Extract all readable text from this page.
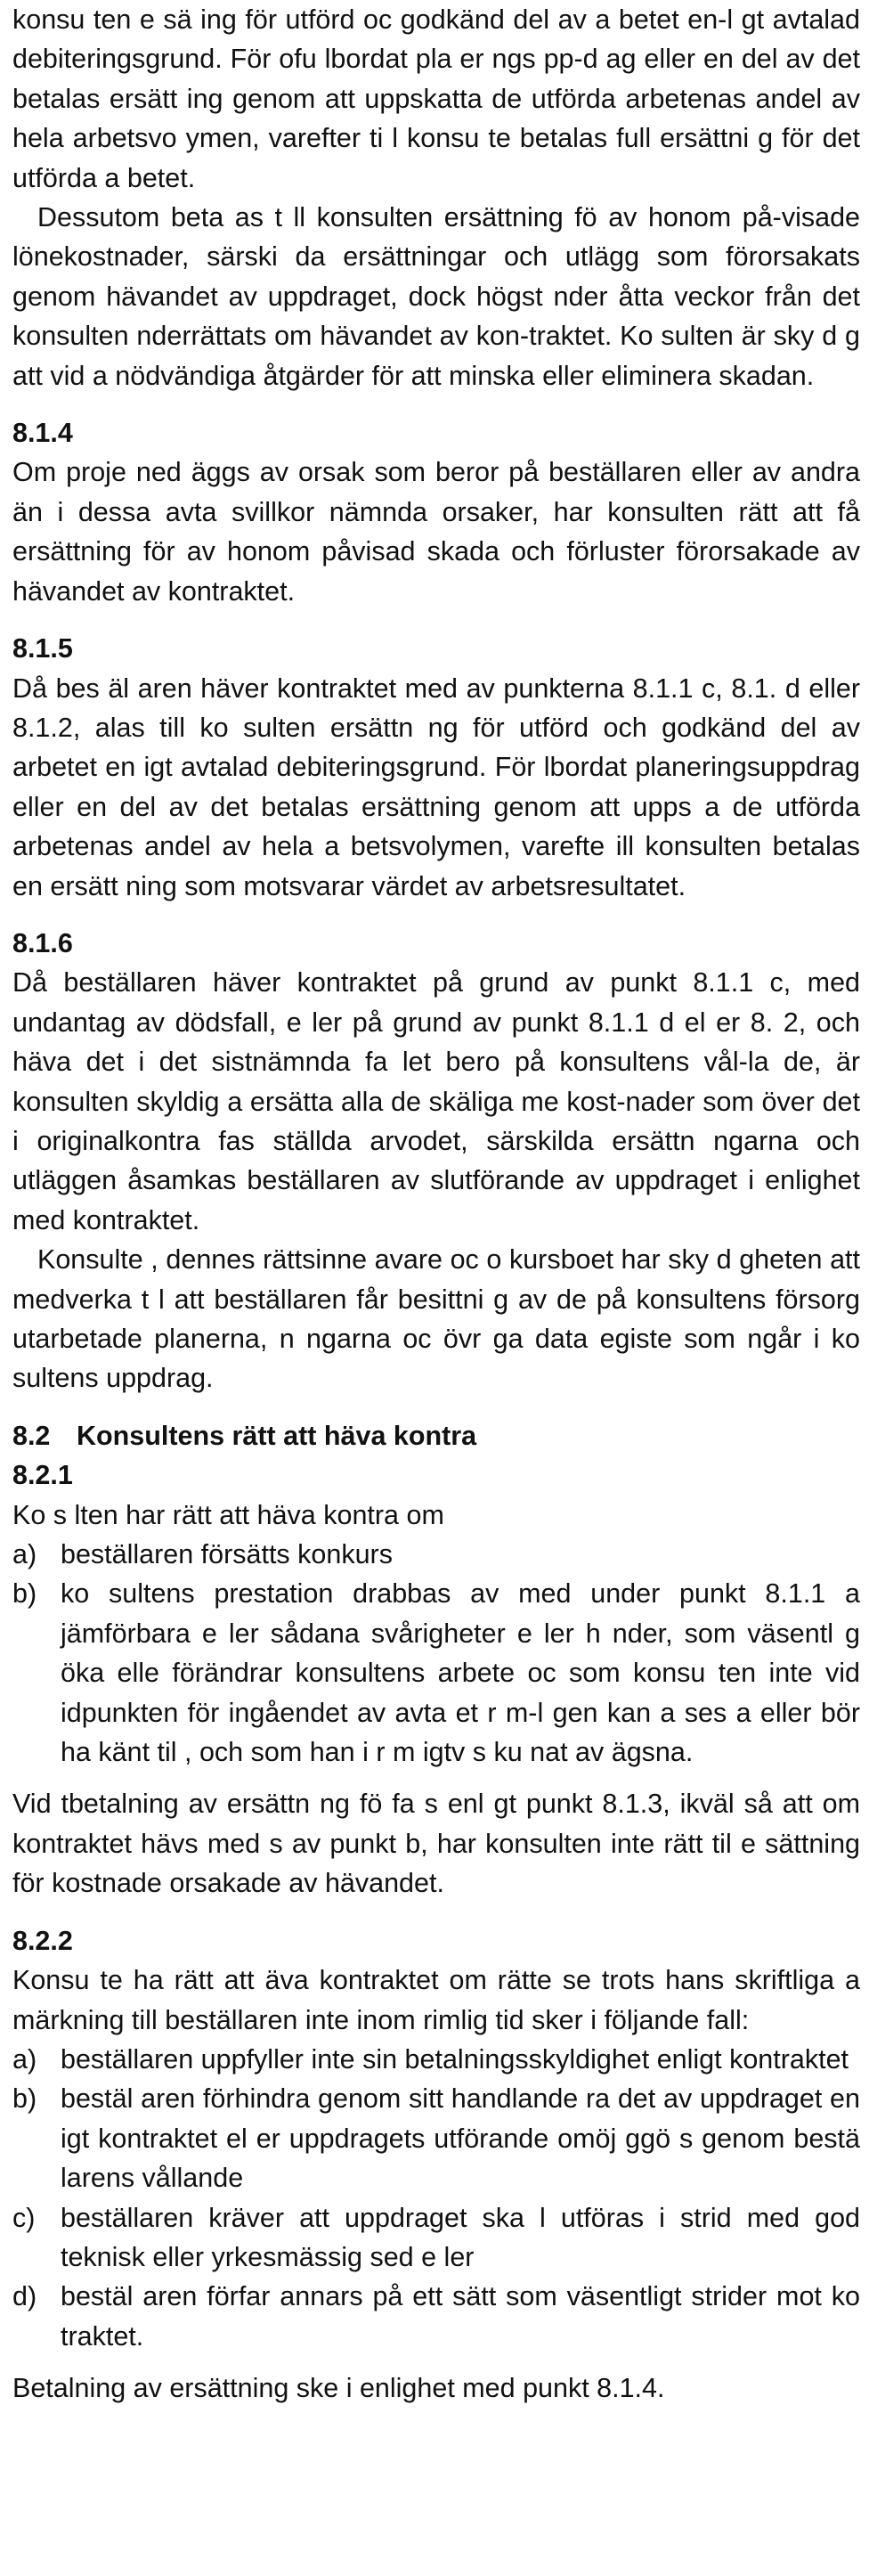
konsu ten e sä ing för utförd oc godkänd del av a betet en-l gt avtalad debiteringsgrund. För ofu lbordat pla er ngs pp-d ag eller en del av det betalas ersätt ing genom att uppskatta de utförda arbetenas andel av hela arbetsvo ymen, varefter ti l konsu te betalas full ersättni g för det utförda a betet.

Dessutom beta as t ll konsulten ersättning fö av honom på-visade lönekostnader, särski da ersättningar och utlägg som förorsakats genom hävandet av uppdraget, dock högst nder åtta veckor från det konsulten nderrättats om hävandet av kon-traktet. Ko sulten är sky d g att vid a nödvändiga åtgärder för att minska eller eliminera skadan.

8.1.4

Om proje ned äggs av orsak som beror på beställaren eller av andra än i dessa avta svillkor nämnda orsaker, har konsulten rätt att få ersättning för av honom påvisad skada och förluster förorsakade av hävandet av kontraktet.

8.1.5

Då bes äl aren häver kontraktet med av punkterna 8.1.1 c, 8.1. d eller 8.1.2, alas till ko sulten ersättn ng för utförd och godkänd del av arbetet en igt avtalad debiteringsgrund. För lbordat planeringsuppdrag eller en del av det betalas ersättning genom att upps a de utförda arbetenas andel av hela a betsvolymen, varefte ill konsulten betalas en ersätt ning som motsvarar värdet av arbetsresultatet.

8.1.6

Då beställaren häver kontraktet på grund av punkt 8.1.1 c, med undantag av dödsfall, e ler på grund av punkt 8.1.1 d el er 8. 2, och häva det i det sistnämnda fa let bero på konsultens vål-la de, är konsulten skyldig a ersätta alla de skäliga me kost-nader som över det i originalkontra fas ställda arvodet, särskilda ersättn ngarna och utläggen åsamkas beställaren av slutförande av uppdraget i enlighet med kontraktet.

Konsulte , dennes rättsinne avare oc o kursboet har sky d gheten att medverka t l att beställaren får besittni g av de på konsultens försorg utarbetade planerna, n ngarna oc övr ga data egiste som ngår i ko sultens uppdrag.

8.2 Konsultens rätt att häva kontra

8.2.1

Ko s lten har rätt att häva kontra om

a) beställaren försätts konkurs
b) ko sultens prestation drabbas av med under punkt 8.1.1 a jämförbara e ler sådana svårigheter e ler h nder, som väsentl g öka elle förändrar konsultens arbete oc som konsu ten inte vid idpunkten för ingåendet av avta et r m-l gen kan a ses a eller bör ha känt til , och som han i r m igtv s ku nat av ägsna.

Vid tbetalning av ersättn ng fö fa s enl gt punkt 8.1.3, ikväl så att om kontraktet hävs med s av punkt b, har konsulten inte rätt til e sättning för kostnade orsakade av hävandet.

8.2.2

Konsu te ha rätt att äva kontraktet om rätte se trots hans skriftliga a märkning till beställaren inte inom rimlig tid sker i följande fall:

a) beställaren uppfyller inte sin betalningsskyldighet enligt kontraktet
b) bestäl aren förhindra genom sitt handlande ra det av uppdraget en igt kontraktet el er uppdragets utförande omöj ggö s genom bestä larens vållande
c) beställaren kräver att uppdraget ska l utföras i strid med god teknisk eller yrkesmässig sed e ler
d) bestäl aren förfar annars på ett sätt som väsentligt strider mot ko traktet.

Betalning av ersättning ske i enlighet med punkt 8.1.4.
